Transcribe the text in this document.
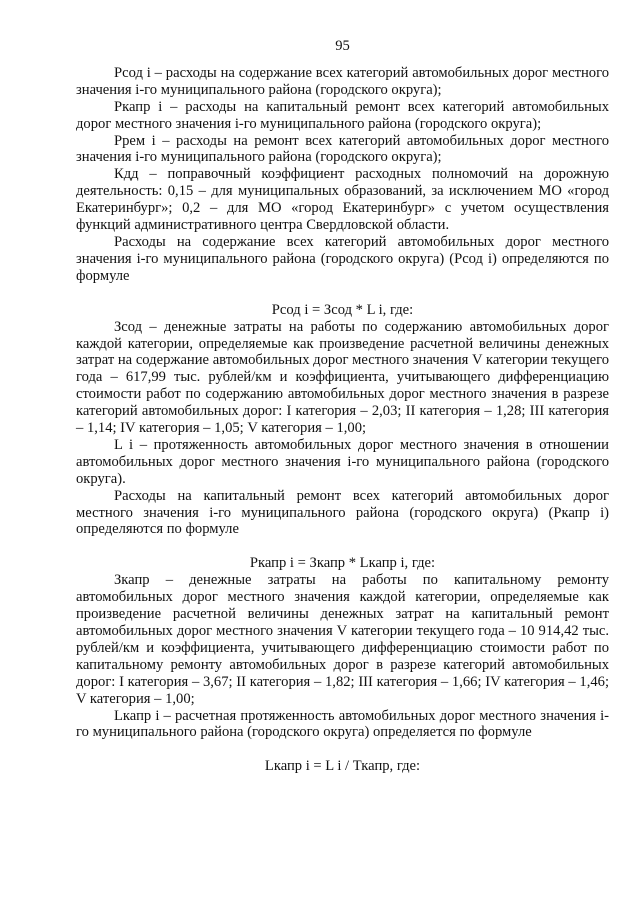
95

Рсод i – расходы на содержание всех категорий автомобильных дорог местного значения i-го муниципального района (городского округа);

Ркапр i – расходы на капитальный ремонт всех категорий автомобильных дорог местного значения i-го муниципального района (городского округа);

Ррем i – расходы на ремонт всех категорий автомобильных дорог местного значения i-го муниципального района (городского округа);

Кдд – поправочный коэффициент расходных полномочий на дорожную деятельность: 0,15 – для муниципальных образований, за исключением МО «город Екатеринбург»; 0,2 – для МО «город Екатеринбург» с учетом осуществления функций административного центра Свердловской области.

Расходы на содержание всех категорий автомобильных дорог местного значения i-го муниципального района (городского округа) (Рсод i) определяются по формуле

Рсод i = Зсод * L i, где:

Зсод – денежные затраты на работы по содержанию автомобильных дорог каждой категории, определяемые как произведение расчетной величины денежных затрат на содержание автомобильных дорог местного значения V категории текущего года – 617,99 тыс. рублей/км и коэффициента, учитывающего дифференциацию стоимости работ по содержанию автомобильных дорог местного значения в разрезе категорий автомобильных дорог: I категория – 2,03; II категория – 1,28; III категория – 1,14; IV категория – 1,05; V категория – 1,00;

L i – протяженность автомобильных дорог местного значения в отношении автомобильных дорог местного значения i-го муниципального района (городского округа).

Расходы на капитальный ремонт всех категорий автомобильных дорог местного значения i-го муниципального района (городского округа) (Ркапр i) определяются по формуле

Ркапр i = Зкапр * Lкапр i, где:

Зкапр – денежные затраты на работы по капитальному ремонту автомобильных дорог местного значения каждой категории, определяемые как произведение расчетной величины денежных затрат на капитальный ремонт автомобильных дорог местного значения V категории текущего года – 10 914,42 тыс. рублей/км и коэффициента, учитывающего дифференциацию стоимости работ по капитальному ремонту автомобильных дорог в разрезе категорий автомобильных дорог: I категория – 3,67; II категория – 1,82; III категория – 1,66; IV категория – 1,46; V категория – 1,00;

Lкапр i – расчетная протяженность автомобильных дорог местного значения i-го муниципального района (городского округа) определяется по формуле

Lкапр i = L i / Ткапр, где:
